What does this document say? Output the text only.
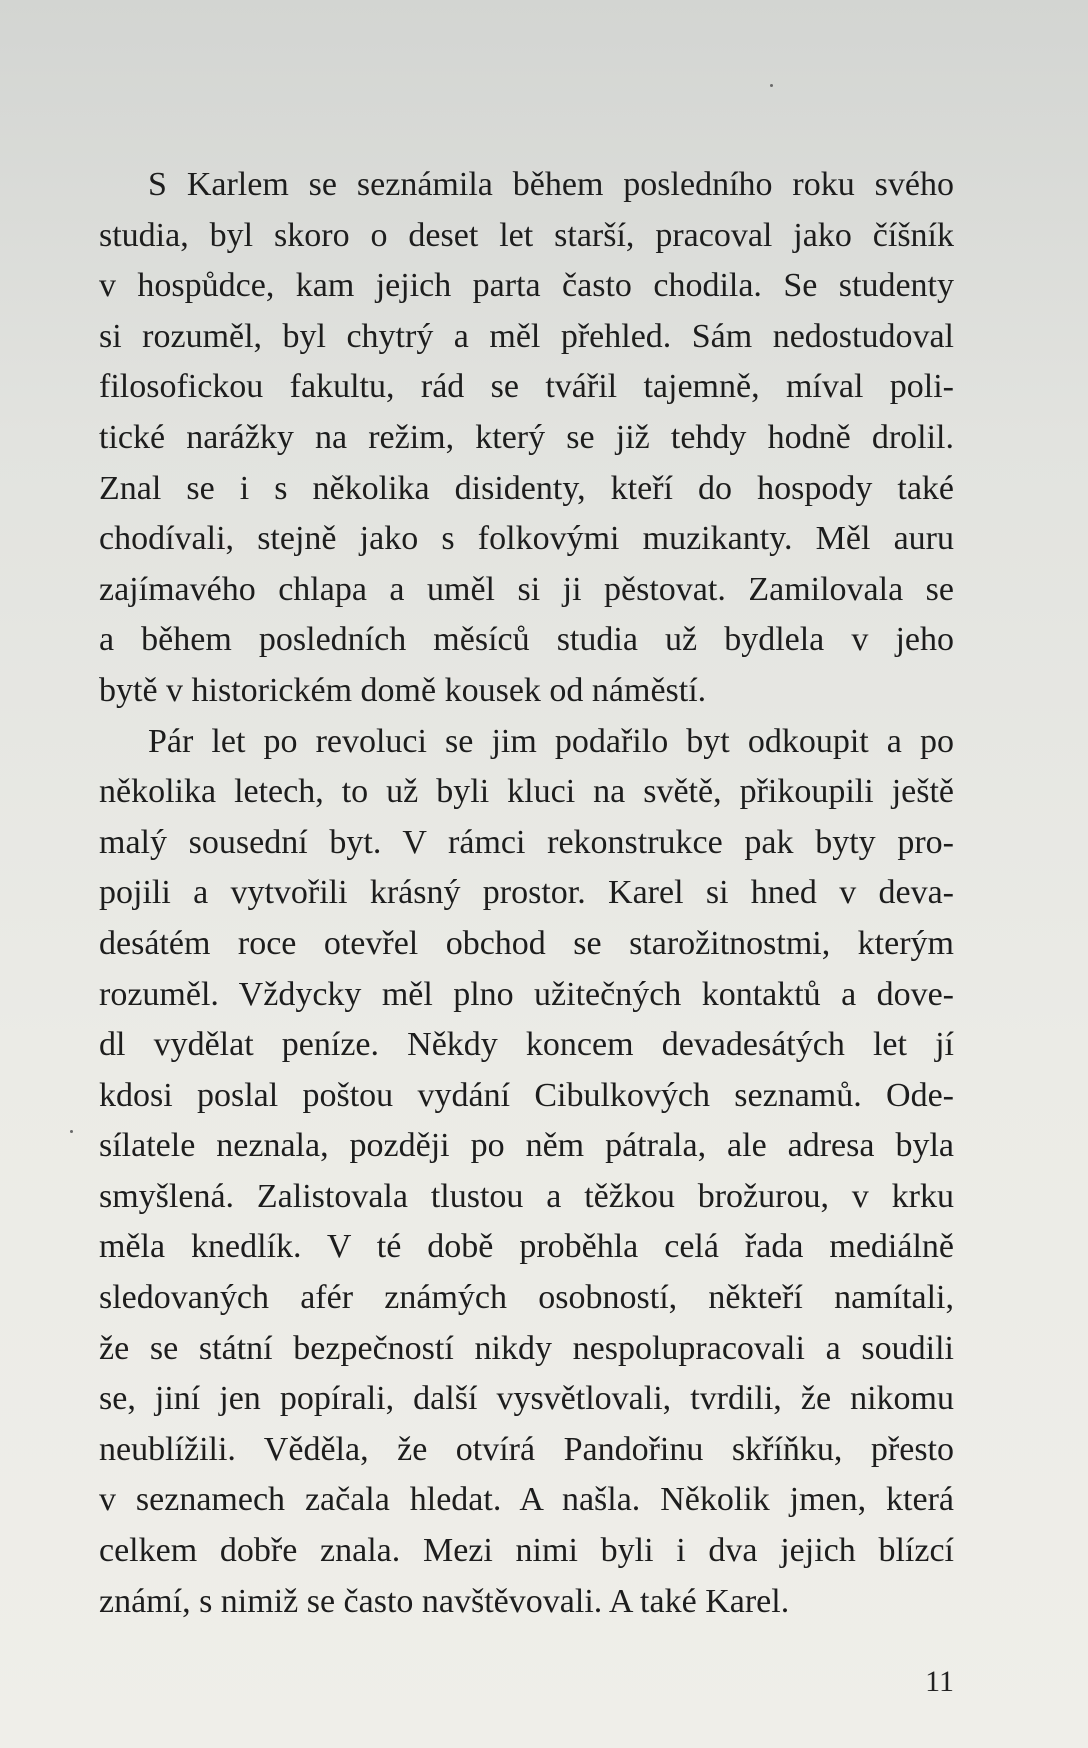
S Karlem se seznámila během posledního roku svého
studia, byl skoro o deset let starší, pracoval jako číšník
v hospůdce, kam jejich parta často chodila. Se studenty
si rozuměl, byl chytrý a měl přehled. Sám nedostudoval
filosofickou fakultu, rád se tvářil tajemně, míval poli-
tické narážky na režim, který se již tehdy hodně drolil.
Znal se i s několika disidenty, kteří do hospody také
chodívali, stejně jako s folkovými muzikanty. Měl auru
zajímavého chlapa a uměl si ji pěstovat. Zamilovala se
a během posledních měsíců studia už bydlela v jeho
bytě v historickém domě kousek od náměstí.
Pár let po revoluci se jim podařilo byt odkoupit a po
několika letech, to už byli kluci na světě, přikoupili ještě
malý sousední byt. V rámci rekonstrukce pak byty pro-
pojili a vytvořili krásný prostor. Karel si hned v deva-
desátém roce otevřel obchod se starožitnostmi, kterým
rozuměl. Vždycky měl plno užitečných kontaktů a dove-
dl vydělat peníze. Někdy koncem devadesátých let jí
kdosi poslal poštou vydání Cibulkových seznamů. Ode-
sílatele neznala, později po něm pátrala, ale adresa byla
smyšlená. Zalistovala tlustou a těžkou brožurou, v krku
měla knedlík. V té době proběhla celá řada mediálně
sledovaných afér známých osobností, někteří namítali,
že se státní bezpečností nikdy nespolupracovali a soudili
se, jiní jen popírali, další vysvětlovali, tvrdili, že nikomu
neublížili. Věděla, že otvírá Pandořinu skříňku, přesto
v seznamech začala hledat. A našla. Několik jmen, která
celkem dobře znala. Mezi nimi byli i dva jejich blízcí
známí, s nimiž se často navštěvovali. A také Karel.
11
